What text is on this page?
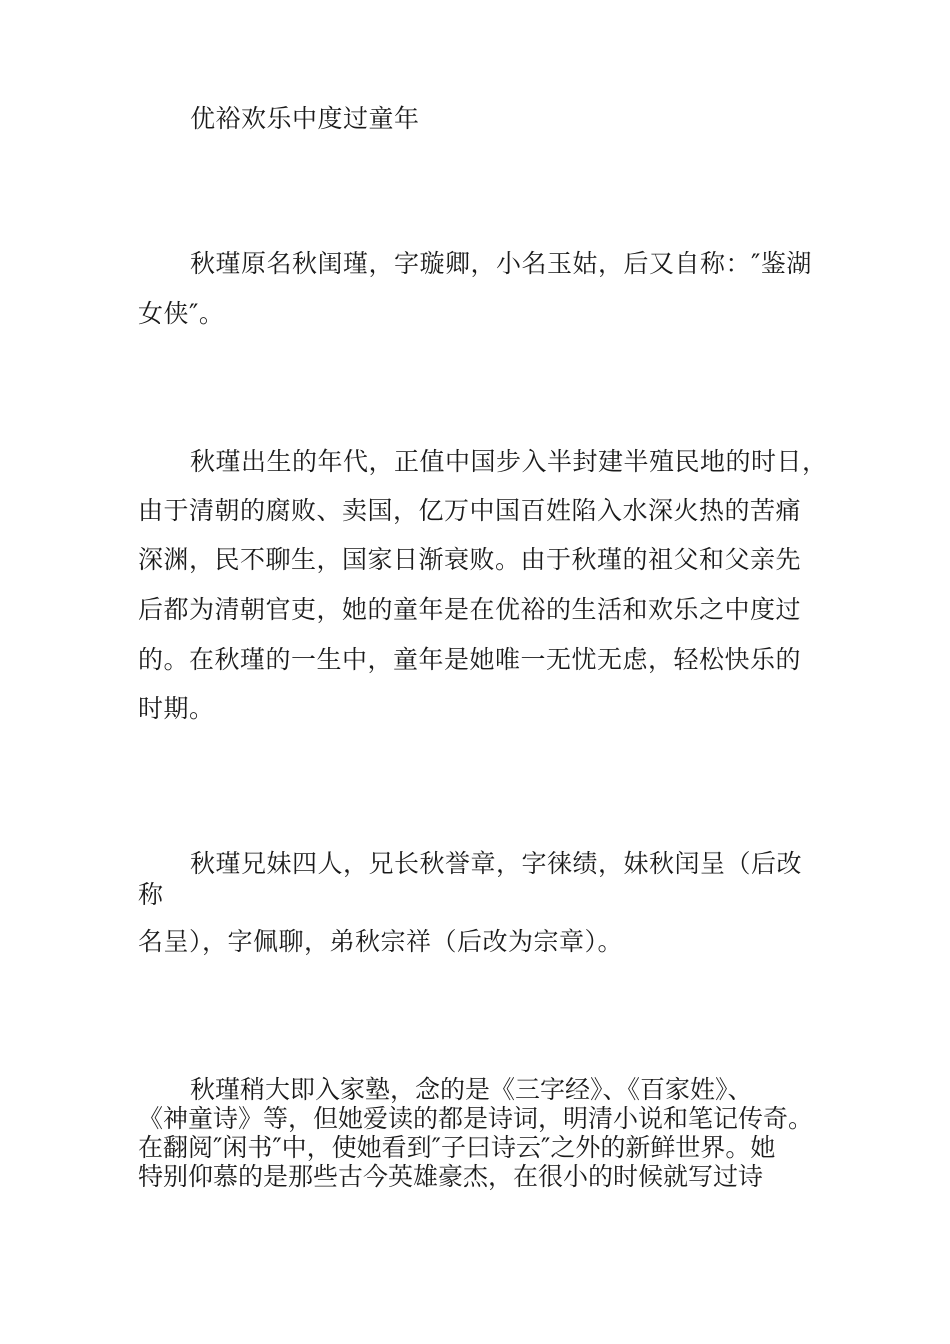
优裕欢乐中度过童年
秋瑾原名秋闺瑾，字璇卿，小名玉姑，后又自称：″鉴湖
女侠″。
秋瑾出生的年代，正值中国步入半封建半殖民地的时日，
由于清朝的腐败、卖国，亿万中国百姓陷入水深火热的苦痛
深渊，民不聊生，国家日渐衰败。由于秋瑾的祖父和父亲先
后都为清朝官吏，她的童年是在优裕的生活和欢乐之中度过
的。在秋瑾的一生中，童年是她唯一无忧无虑，轻松快乐的
时期。
秋瑾兄妹四人，兄长秋誉章，字徕绩，妹秋闰呈（后改
称
名呈），字佩聊，弟秋宗祥（后改为宗章）。
秋瑾稍大即入家塾，念的是《三字经》、《百家姓》、
《神童诗》等，但她爱读的都是诗词，明清小说和笔记传奇。
在翻阅″闲书″中，使她看到″子曰诗云″之外的新鲜世界。她
特别仰慕的是那些古今英雄豪杰，在很小的时候就写过诗
